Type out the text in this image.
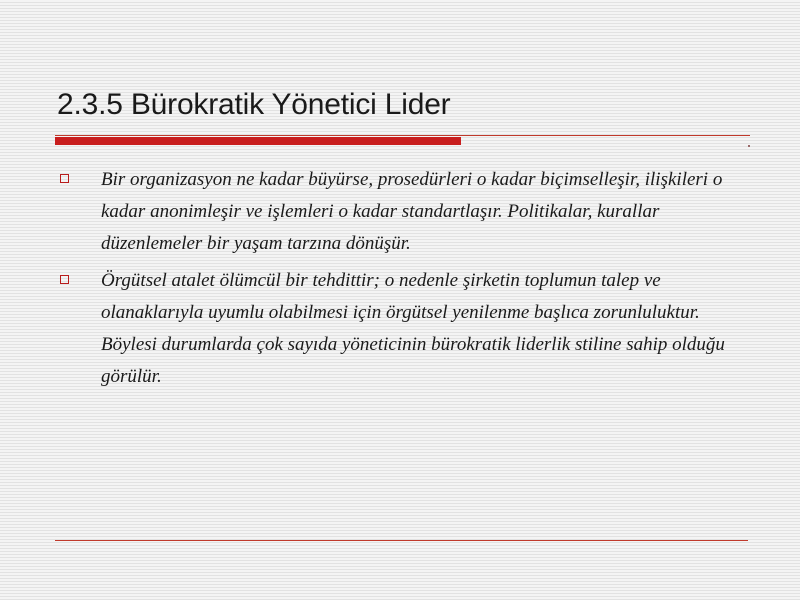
2.3.5 Bürokratik Yönetici Lider
Bir organizasyon ne kadar büyürse, prosedürleri o kadar biçimselleşir, ilişkileri o kadar anonimleşir ve işlemleri o kadar standartlaşır. Politikalar, kurallar düzenlemeler bir yaşam tarzına dönüşür.
Örgütsel atalet ölümcül bir tehdittir; o nedenle şirketin toplumun talep ve olanaklarıyla uyumlu olabilmesi için örgütsel yenilenme başlıca zorunluluktur. Böylesi durumlarda çok sayıda yöneticinin bürokratik liderlik stiline sahip olduğu görülür.
